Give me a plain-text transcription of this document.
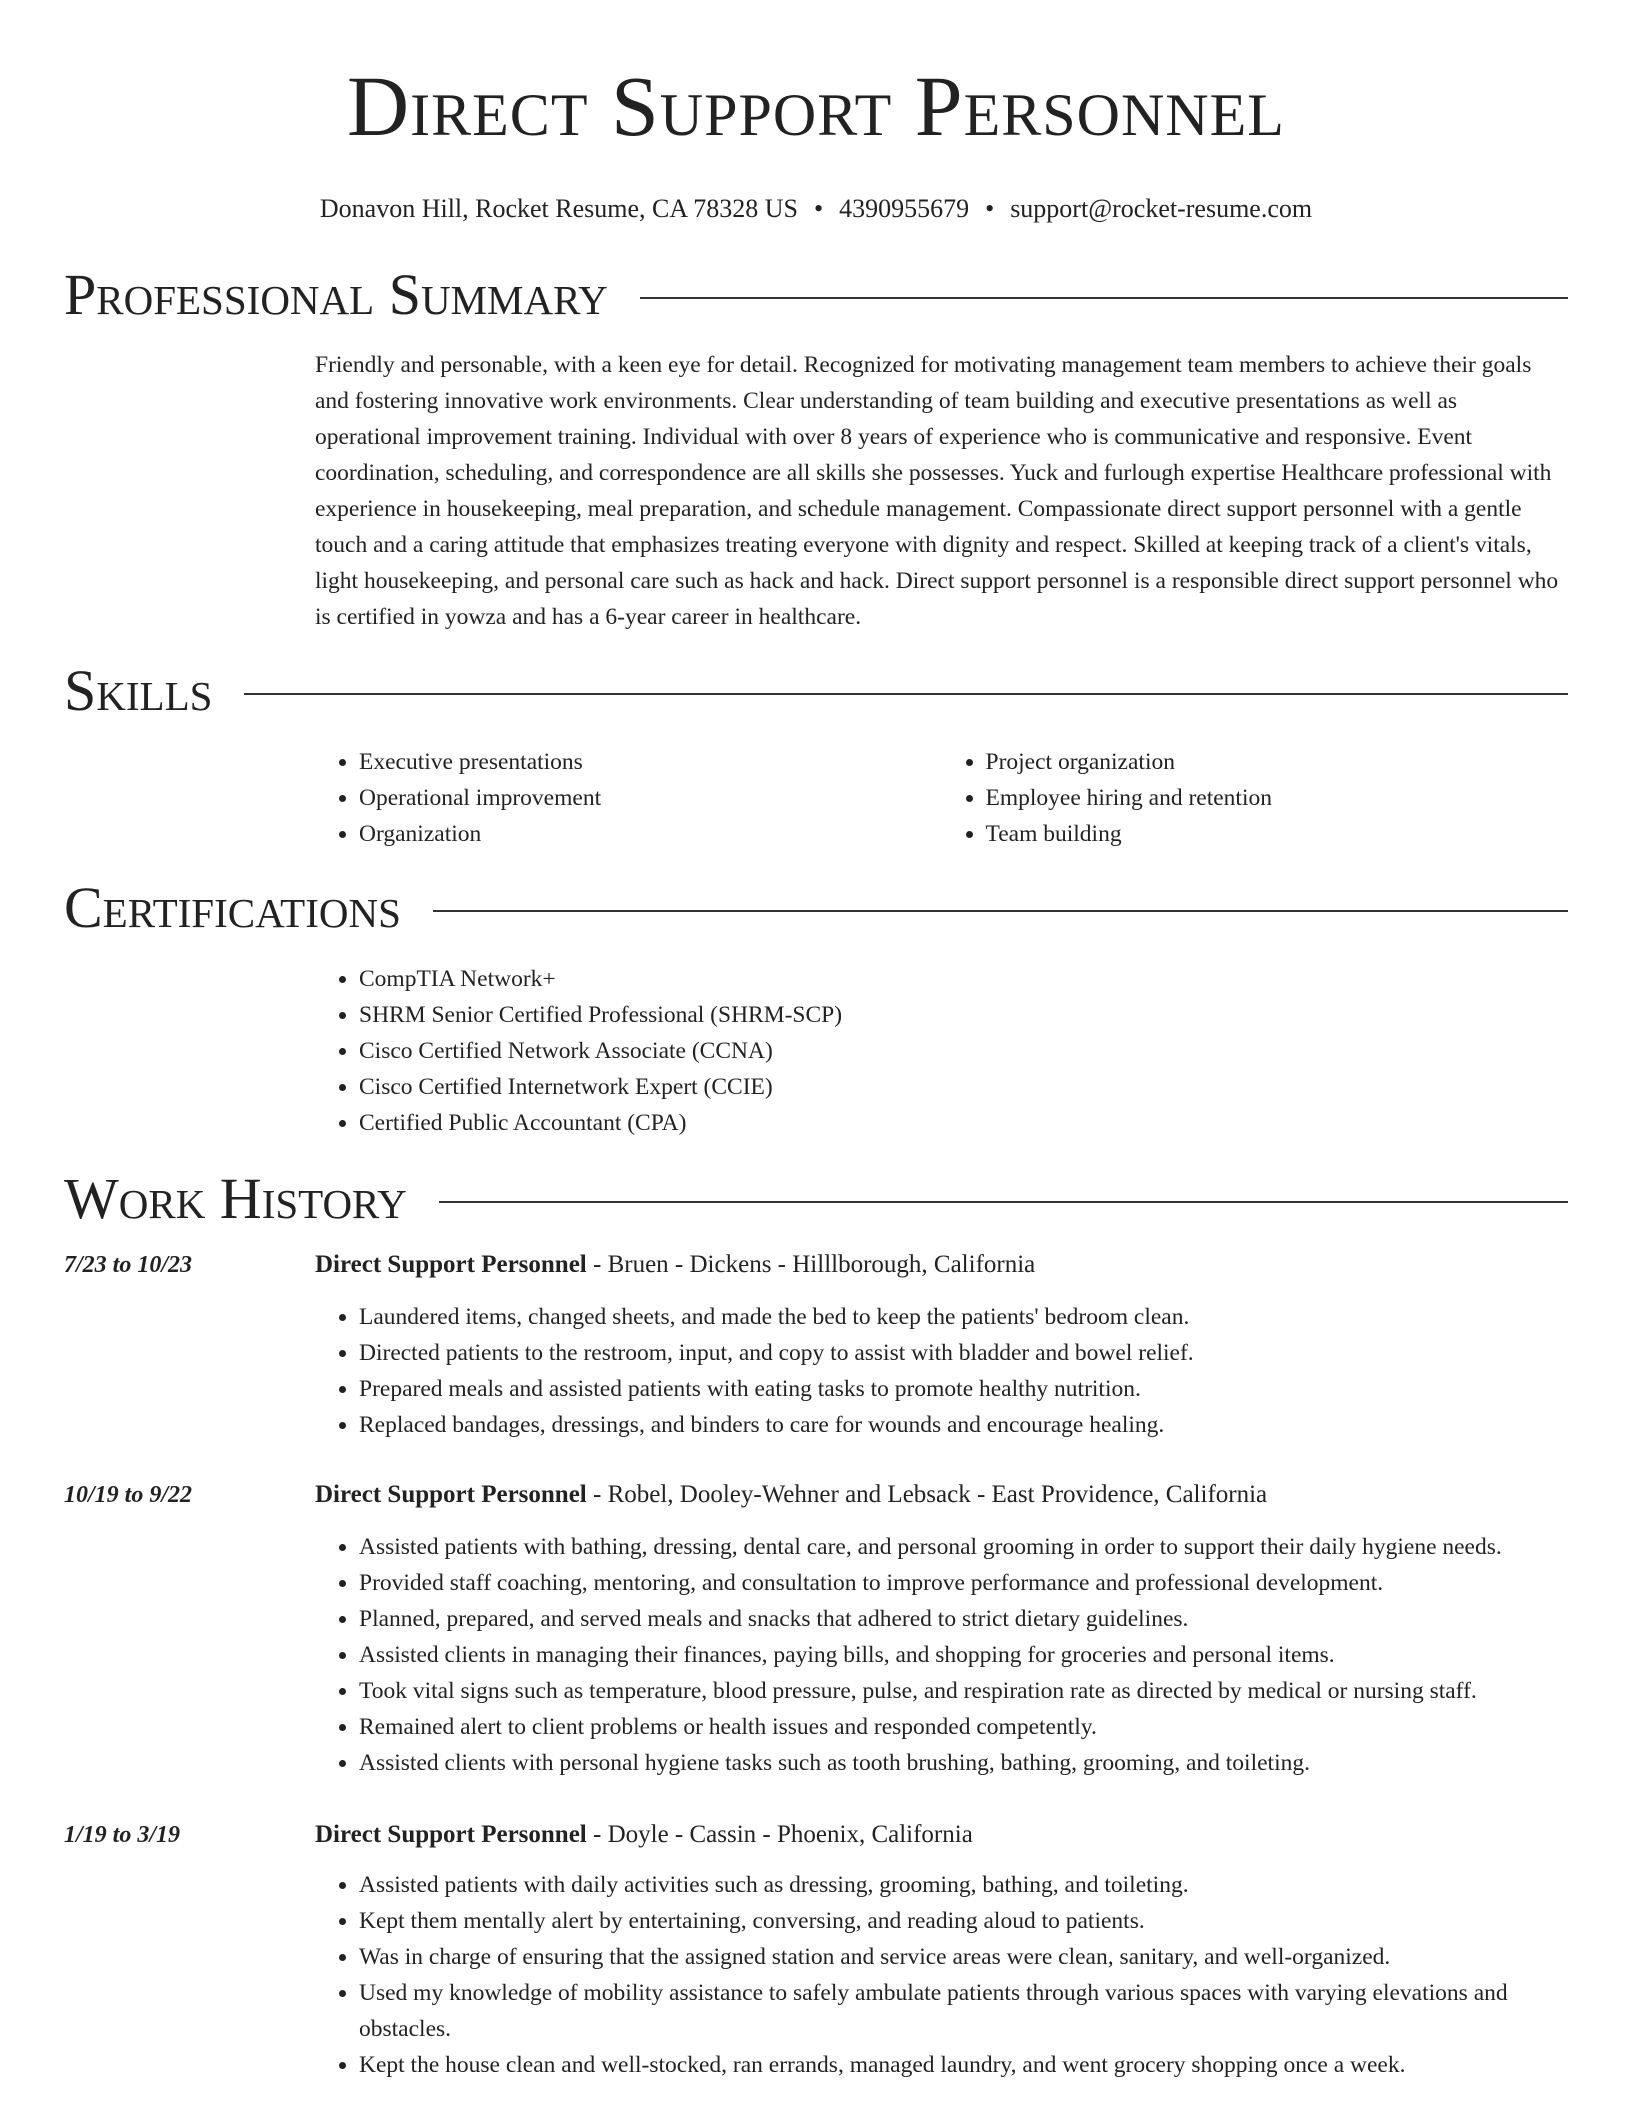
Direct Support Personnel
Donavon Hill, Rocket Resume, CA 78328 US • 4390955679 • support@rocket-resume.com
Professional Summary

Friendly and personable, with a keen eye for detail. Recognized for motivating management team members to achieve their goals and fostering innovative work environments. Clear understanding of team building and executive presentations as well as operational improvement training. Individual with over 8 years of experience who is communicative and responsive. Event coordination, scheduling, and correspondence are all skills she possesses. Yuck and furlough expertise Healthcare professional with experience in housekeeping, meal preparation, and schedule management. Compassionate direct support personnel with a gentle touch and a caring attitude that emphasizes treating everyone with dignity and respect. Skilled at keeping track of a client's vitals, light housekeeping, and personal care such as hack and hack. Direct support personnel is a responsible direct support personnel who is certified in yowza and has a 6-year career in healthcare.

Skills
• Executive presentations
• Operational improvement
• Organization
• Project organization
• Employee hiring and retention
• Team building
Certifications
• CompTIA Network+
• SHRM Senior Certified Professional (SHRM-SCP)
• Cisco Certified Network Associate (CCNA)
• Cisco Certified Internetwork Expert (CCIE)
• Certified Public Accountant (CPA)
Work History
7/23 to 10/23	Direct Support Personnel - Bruen - Dickens - Hilllborough, California
• Laundered items, changed sheets, and made the bed to keep the patients' bedroom clean.
• Directed patients to the restroom, input, and copy to assist with bladder and bowel relief.
• Prepared meals and assisted patients with eating tasks to promote healthy nutrition.
• Replaced bandages, dressings, and binders to care for wounds and encourage healing.
10/19 to 9/22	Direct Support Personnel - Robel, Dooley-Wehner and Lebsack - East Providence, California
• Assisted patients with bathing, dressing, dental care, and personal grooming in order to support their daily hygiene needs.
• Provided staff coaching, mentoring, and consultation to improve performance and professional development.
• Planned, prepared, and served meals and snacks that adhered to strict dietary guidelines.
• Assisted clients in managing their finances, paying bills, and shopping for groceries and personal items.
• Took vital signs such as temperature, blood pressure, pulse, and respiration rate as directed by medical or nursing staff.
• Remained alert to client problems or health issues and responded competently.
• Assisted clients with personal hygiene tasks such as tooth brushing, bathing, grooming, and toileting.
1/19 to 3/19	Direct Support Personnel - Doyle - Cassin - Phoenix, California
• Assisted patients with daily activities such as dressing, grooming, bathing, and toileting.
• Kept them mentally alert by entertaining, conversing, and reading aloud to patients.
• Was in charge of ensuring that the assigned station and service areas were clean, sanitary, and well-organized.
• Used my knowledge of mobility assistance to safely ambulate patients through various spaces with varying elevations and obstacles.
• Kept the house clean and well-stocked, ran errands, managed laundry, and went grocery shopping once a week.
